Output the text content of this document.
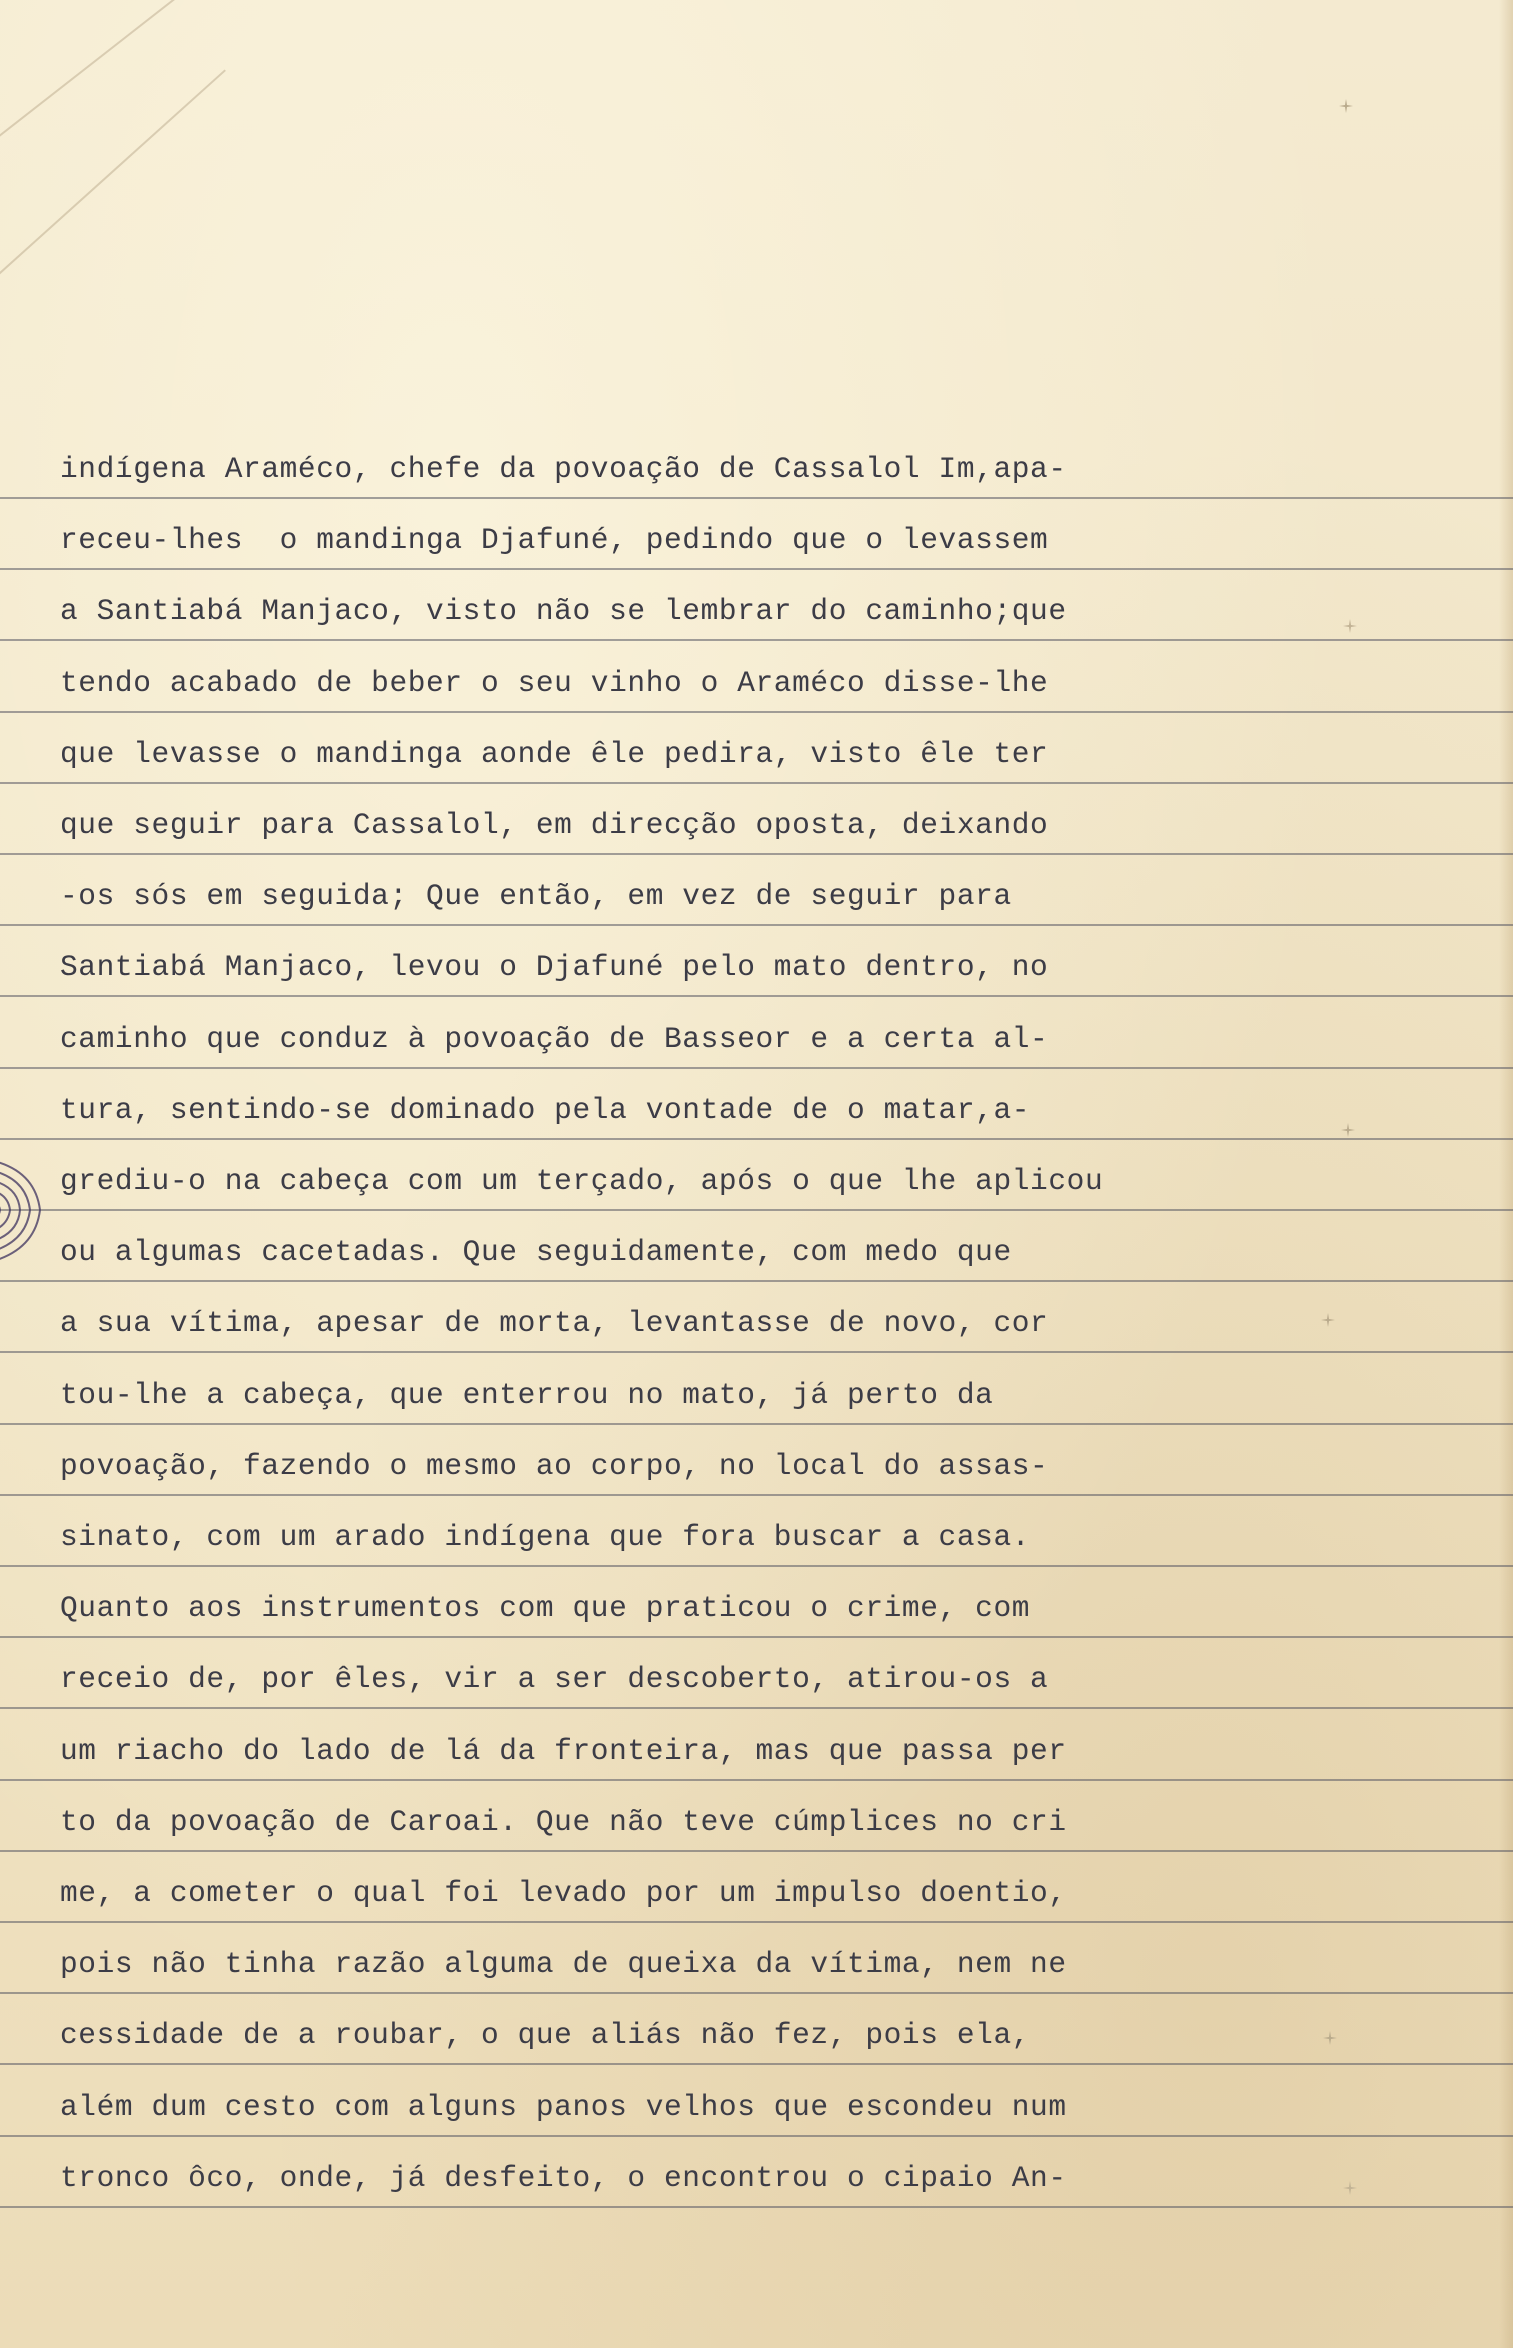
indígena Araméco, chefe da povoação de Cassalol Im,apa-
receu-lhes  o mandinga Djafuné, pedindo que o levassem
a Santiabá Manjaco, visto não se lembrar do caminho;que
tendo acabado de beber o seu vinho o Araméco disse-lhe
que levasse o mandinga aonde êle pedira, visto êle ter
que seguir para Cassalol, em direcção oposta, deixando
-os sós em seguida; Que então, em vez de seguir para
Santiabá Manjaco, levou o Djafuné pelo mato dentro, no
caminho que conduz à povoação de Basseor e a certa al-
tura, sentindo-se dominado pela vontade de o matar,a-
grediu-o na cabeça com um terçado, após o que lhe aplicou
ou algumas cacetadas. Que seguidamente, com medo que
a sua vítima, apesar de morta, levantasse de novo, cor
tou-lhe a cabeça, que enterrou no mato, já perto da
povoação, fazendo o mesmo ao corpo, no local do assas-
sinato, com um arado indígena que fora buscar a casa.
Quanto aos instrumentos com que praticou o crime, com
receio de, por êles, vir a ser descoberto, atirou-os a
um riacho do lado de lá da fronteira, mas que passa per
to da povoação de Caroai. Que não teve cúmplices no cri
me, a cometer o qual foi levado por um impulso doentio,
pois não tinha razão alguma de queixa da vítima, nem ne
cessidade de a roubar, o que aliás não fez, pois ela,
além dum cesto com alguns panos velhos que escondeu num
tronco ôco, onde, já desfeito, o encontrou o cipaio An-
